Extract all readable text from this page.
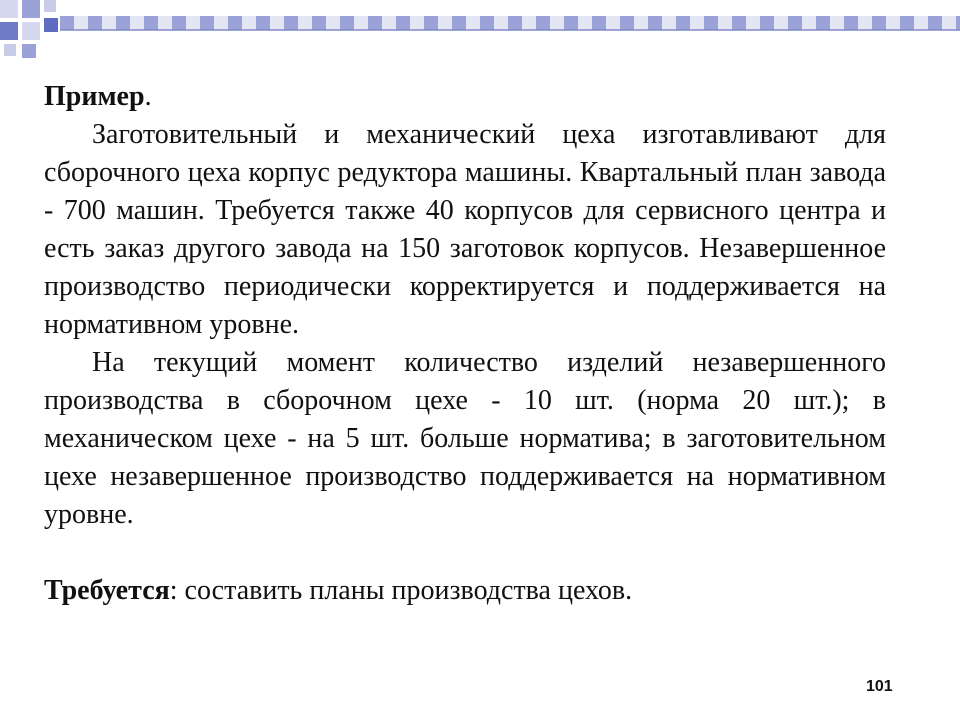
Пример.

Заготовительный и механический цеха изготавливают для сборочного цеха корпус редуктора машины. Квартальный план завода - 700 машин. Требуется также 40 корпусов для сервисного центра и есть заказ другого завода на 150 заготовок корпусов. Незавершенное производство периодически корректируется и поддерживается на нормативном уровне.

На текущий момент количество изделий незавершенного производства в сборочном цехе - 10 шт. (норма 20 шт.); в механическом цехе - на 5 шт. больше норматива; в заготовительном цехе незавершенное производство поддерживается на нормативном уровне.

Требуется: составить планы производства цехов.

101
